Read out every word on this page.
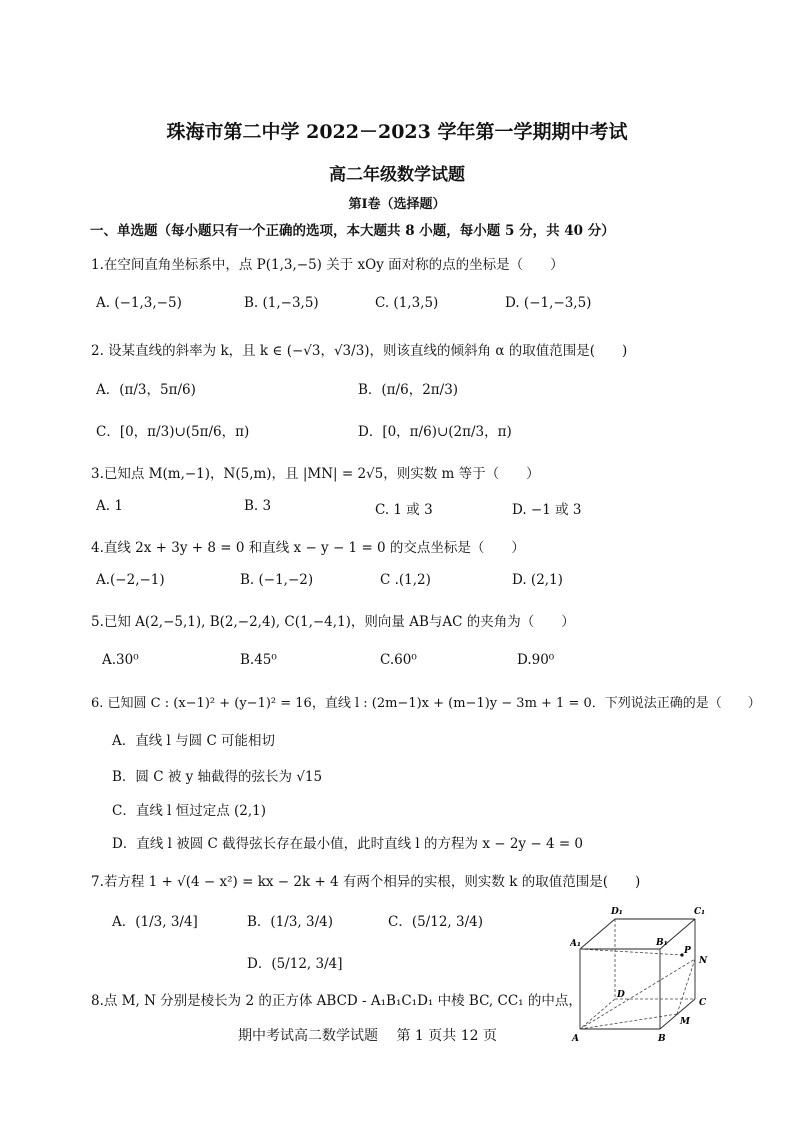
珠海市第二中学 2022－2023 学年第一学期期中考试
高二年级数学试题
第Ⅰ卷（选择题）
一、单选题（每小题只有一个正确的选项，本大题共 8 小题，每小题 5 分，共 40 分）
1.在空间直角坐标系中，点 P(1,3,−5) 关于 xOy 面对称的点的坐标是（　　）
A. (−1,3,−5)	B. (1,−3,5)	C. (1,3,5)	D. (−1,−3,5)
2. 设某直线的斜率为 k，且 k ∈ (−√3，√3/3)，则该直线的倾斜角 α 的取值范围是(　　)
A．(π/3，5π/6)	B．(π/6，2π/3)
C．[0，π/3)∪(5π/6，π)	D．[0，π/6)∪(2π/3，π)
3.已知点 M(m,−1)，N(5,m)，且 |MN| = 2√5，则实数 m 等于（　　）
A. 1	B. 3	C. 1 或 3	D. −1 或 3
4.直线 2x + 3y + 8 = 0 和直线 x − y − 1 = 0 的交点坐标是（　　）
A.(−2,−1)	B. (−1,−2)	C .(1,2)	D. (2,1)
5.已知 A(2,−5,1), B(2,−2,4), C(1,−4,1)，则向量 AB与AC 的夹角为（　　）
A.30⁰	B.45⁰	C.60⁰	D.90⁰
6. 已知圆 C : (x−1)² + (y−1)² = 16，直线 l : (2m−1)x + (m−1)y − 3m + 1 = 0．下列说法正确的是（　　）
A．直线 l 与圆 C 可能相切
B．圆 C 被 y 轴截得的弦长为 √15
C．直线 l 恒过定点 (2,1)
D．直线 l 被圆 C 截得弦长存在最小值，此时直线 l 的方程为 x − 2y − 4 = 0
7.若方程 1 + √(4 − x²) = kx − 2k + 4 有两个相异的实根，则实数 k 的取值范围是(　　)
A．(1/3, 3/4]	B．(1/3, 3/4)	C．(5/12, 3/4)
D．(5/12, 3/4]
8.点 M, N 分别是棱长为 2 的正方体 ABCD - A₁B₁C₁D₁ 中棱 BC, CC₁ 的中点，
D₁	C₁
A₁	B₁
P
N
D
C
M
A	B
期中考试高二数学试题　 第 1 页共 12 页
